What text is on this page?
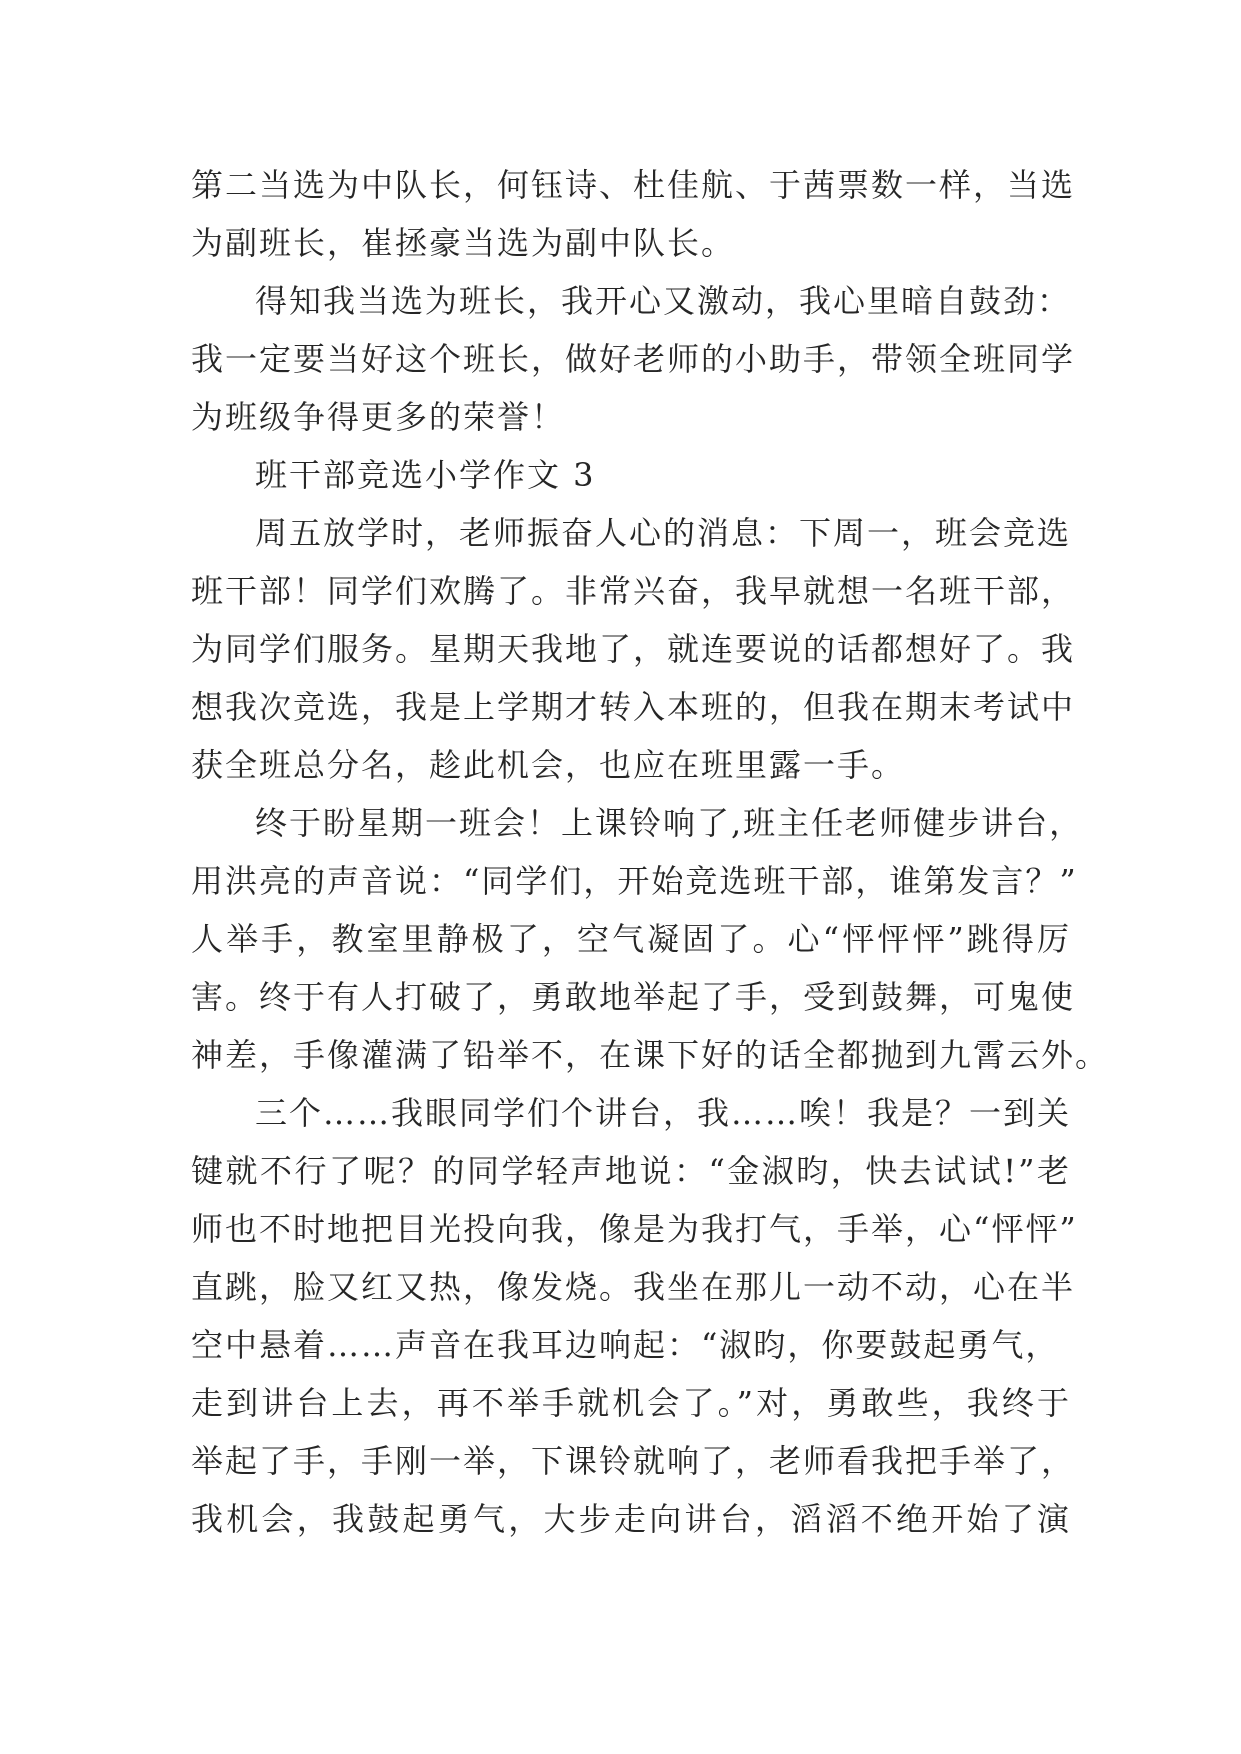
第二当选为中队长，何钰诗、杜佳航、于茜票数一样，当选
为副班长，崔拯豪当选为副中队长。
得知我当选为班长，我开心又激动，我心里暗自鼓劲：
我一定要当好这个班长，做好老师的小助手，带领全班同学
为班级争得更多的荣誉！
班干部竞选小学作文 3
周五放学时，老师振奋人心的消息：下周一，班会竞选
班干部！同学们欢腾了。非常兴奋，我早就想一名班干部，
为同学们服务。星期天我地了，就连要说的话都想好了。我
想我次竞选，我是上学期才转入本班的，但我在期末考试中
获全班总分名，趁此机会，也应在班里露一手。
终于盼星期一班会！上课铃响了,班主任老师健步讲台，
用洪亮的声音说：“同学们，开始竞选班干部，谁第发言？”
人举手，教室里静极了，空气凝固了。心“怦怦怦”跳得厉
害。终于有人打破了，勇敢地举起了手，受到鼓舞，可鬼使
神差，手像灌满了铅举不，在课下好的话全都抛到九霄云外。
三个……我眼同学们个讲台，我……唉！我是？一到关
键就不行了呢？的同学轻声地说：“金淑昀，快去试试!”老
师也不时地把目光投向我，像是为我打气，手举，心“怦怦”
直跳，脸又红又热，像发烧。我坐在那儿一动不动，心在半
空中悬着……声音在我耳边响起：“淑昀，你要鼓起勇气，
走到讲台上去，再不举手就机会了。”对，勇敢些，我终于
举起了手，手刚一举，下课铃就响了，老师看我把手举了，
我机会，我鼓起勇气，大步走向讲台，滔滔不绝开始了演
